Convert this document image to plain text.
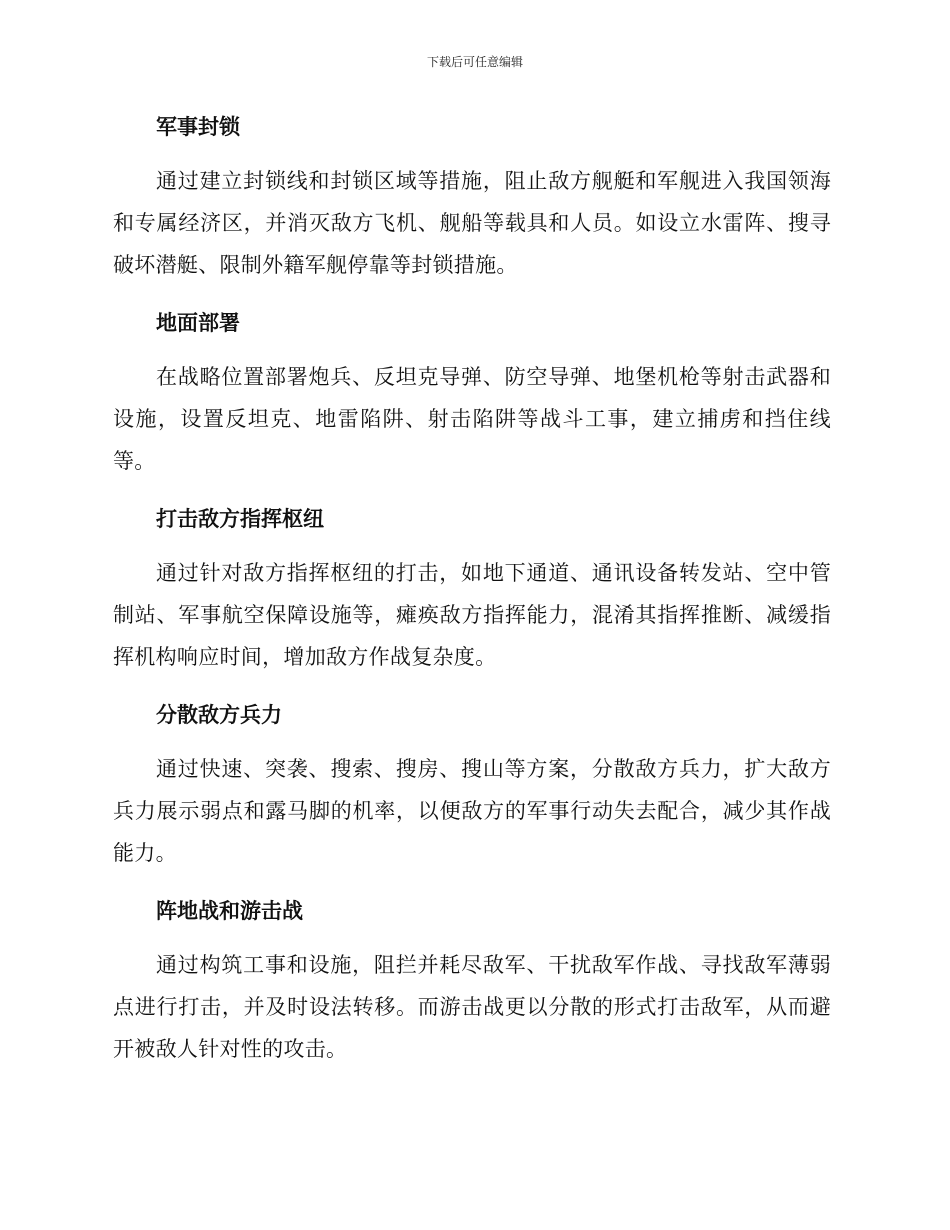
下载后可任意编辑
军事封锁

通过建立封锁线和封锁区域等措施，阻止敌方舰艇和军舰进入我国领海和专属经济区，并消灭敌方飞机、舰船等载具和人员。如设立水雷阵、搜寻破坏潜艇、限制外籍军舰停靠等封锁措施。

地面部署

在战略位置部署炮兵、反坦克导弹、防空导弹、地堡机枪等射击武器和设施，设置反坦克、地雷陷阱、射击陷阱等战斗工事，建立捕虏和挡住线等。

打击敌方指挥枢纽

通过针对敌方指挥枢纽的打击，如地下通道、通讯设备转发站、空中管制站、军事航空保障设施等，瘫痪敌方指挥能力，混淆其指挥推断、减缓指挥机构响应时间，增加敌方作战复杂度。

分散敌方兵力

通过快速、突袭、搜索、搜房、搜山等方案，分散敌方兵力，扩大敌方兵力展示弱点和露马脚的机率，以便敌方的军事行动失去配合，减少其作战能力。

阵地战和游击战

通过构筑工事和设施，阻拦并耗尽敌军、干扰敌军作战、寻找敌军薄弱点进行打击，并及时设法转移。而游击战更以分散的形式打击敌军，从而避开被敌人针对性的攻击。
